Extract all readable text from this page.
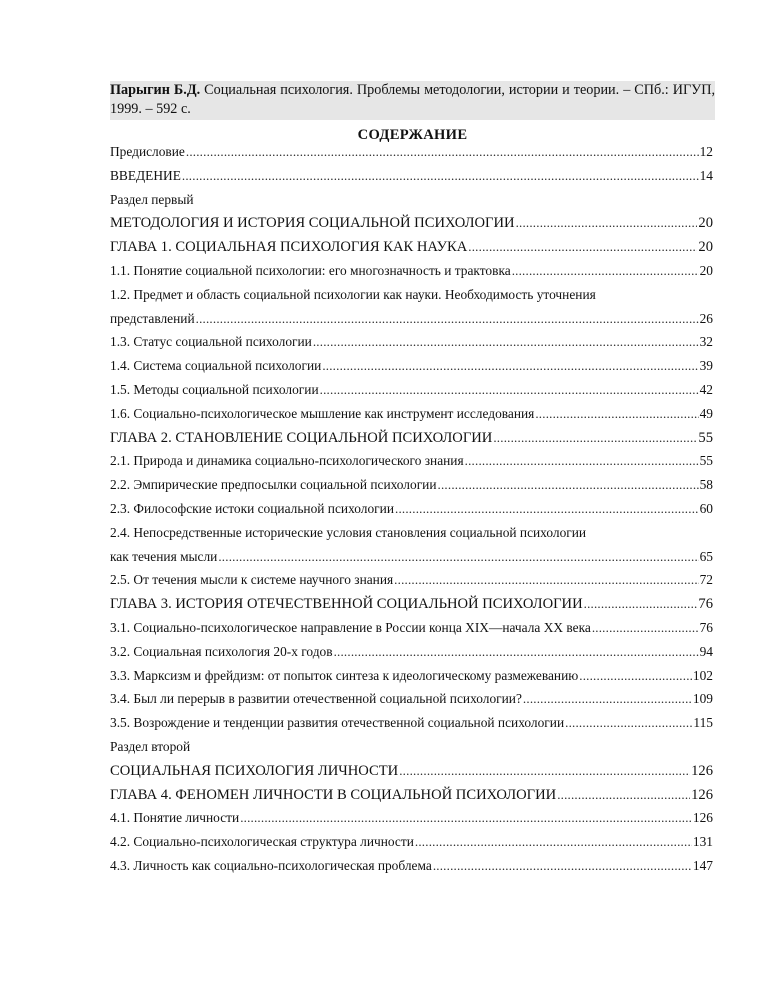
Парыгин Б.Д. Социальная психология. Проблемы методологии, истории и теории. – СПб.: ИГУП, 1999. – 592 с.
СОДЕРЖАНИЕ
Предисловие .....	12
ВВЕДЕНИЕ .....	14
Раздел первый
МЕТОДОЛОГИЯ И ИСТОРИЯ СОЦИАЛЬНОЙ ПСИХОЛОГИИ .....	20
ГЛАВА 1. СОЦИАЛЬНАЯ ПСИХОЛОГИЯ КАК НАУКА .....	20
1.1. Понятие социальной психологии: его многозначность и трактовка .....	20
1.2. Предмет и область социальной психологии как науки. Необходимость уточнения
представлений .....	26
1.3. Статус социальной психологии .....	32
1.4. Система социальной психологии .....	39
1.5. Методы социальной психологии .....	42
1.6. Социально-психологическое мышление как инструмент исследования .....	49
ГЛАВА 2. СТАНОВЛЕНИЕ СОЦИАЛЬНОЙ ПСИХОЛОГИИ .....	55
2.1. Природа и динамика социально-психологического знания .....	55
2.2. Эмпирические предпосылки социальной психологии .....	58
2.3. Философские истоки социальной психологии .....	60
2.4. Непосредственные исторические условия становления социальной психологии
как течения мысли .....	65
2.5. От течения мысли к системе научного знания .....	72
ГЛАВА 3. ИСТОРИЯ ОТЕЧЕСТВЕННОЙ СОЦИАЛЬНОЙ ПСИХОЛОГИИ .....	76
3.1. Социально-психологическое направление в России конца XIX—начала XX века .....	76
3.2. Социальная психология 20-х годов .....	94
3.3. Марксизм и фрейдизм: от попыток синтеза к идеологическому размежеванию .....	102
3.4. Был ли перерыв в развитии отечественной социальной психологии? .....	109
3.5. Возрождение и тенденции развития отечественной социальной психологии .....	115
Раздел второй
СОЦИАЛЬНАЯ ПСИХОЛОГИЯ ЛИЧНОСТИ .....	126
ГЛАВА 4. ФЕНОМЕН ЛИЧНОСТИ В СОЦИАЛЬНОЙ ПСИХОЛОГИИ .....	126
4.1. Понятие личности .....	126
4.2. Социально-психологическая структура личности .....	131
4.3. Личность как социально-психологическая проблема .....	147
